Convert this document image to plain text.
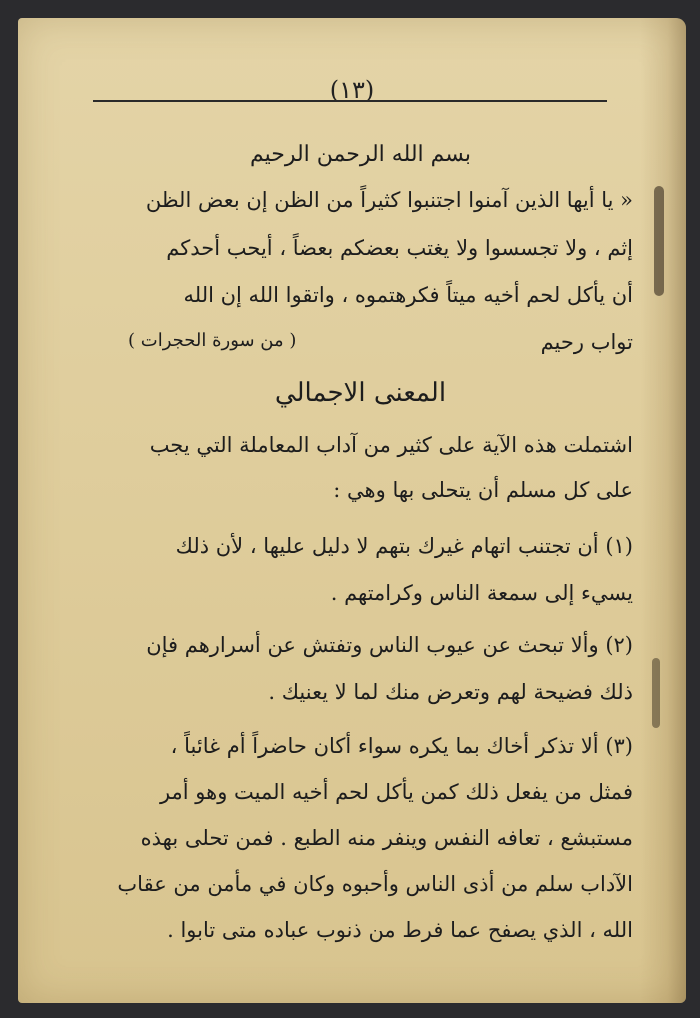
(١٣)
بسم الله الرحمن الرحيم
« يا أيها الذين آمنوا اجتنبوا كثيراً من الظن إن بعض الظن
إثم ، ولا تجسسوا ولا يغتب بعضكم بعضاً ، أيحب أحدكم
أن يأكل لحم أخيه ميتاً فكرهتموه ، واتقوا الله إن الله
تواب رحيم
( من سورة الحجرات )
المعنى الاجمالي
اشتملت هذه الآية على كثير من آداب المعاملة التي يجب
على كل مسلم أن يتحلى بها وهي :
(١) أن تجتنب اتهام غيرك بتهم لا دليل عليها ، لأن ذلك
يسيء إلى سمعة الناس وكرامتهم .
(٢) وألا تبحث عن عيوب الناس وتفتش عن أسرارهم فإن
ذلك فضيحة لهم وتعرض منك لما لا يعنيك .
(٣) ألا تذكر أخاك بما يكره سواء أكان حاضراً أم غائباً ،
فمثل من يفعل ذلك كمن يأكل لحم أخيه الميت وهو أمر
مستبشع ، تعافه النفس وينفر منه الطبع . فمن تحلى بهذه
الآداب سلم من أذى الناس وأحبوه وكان في مأمن من عقاب
الله ، الذي يصفح عما فرط من ذنوب عباده متى تابوا .
